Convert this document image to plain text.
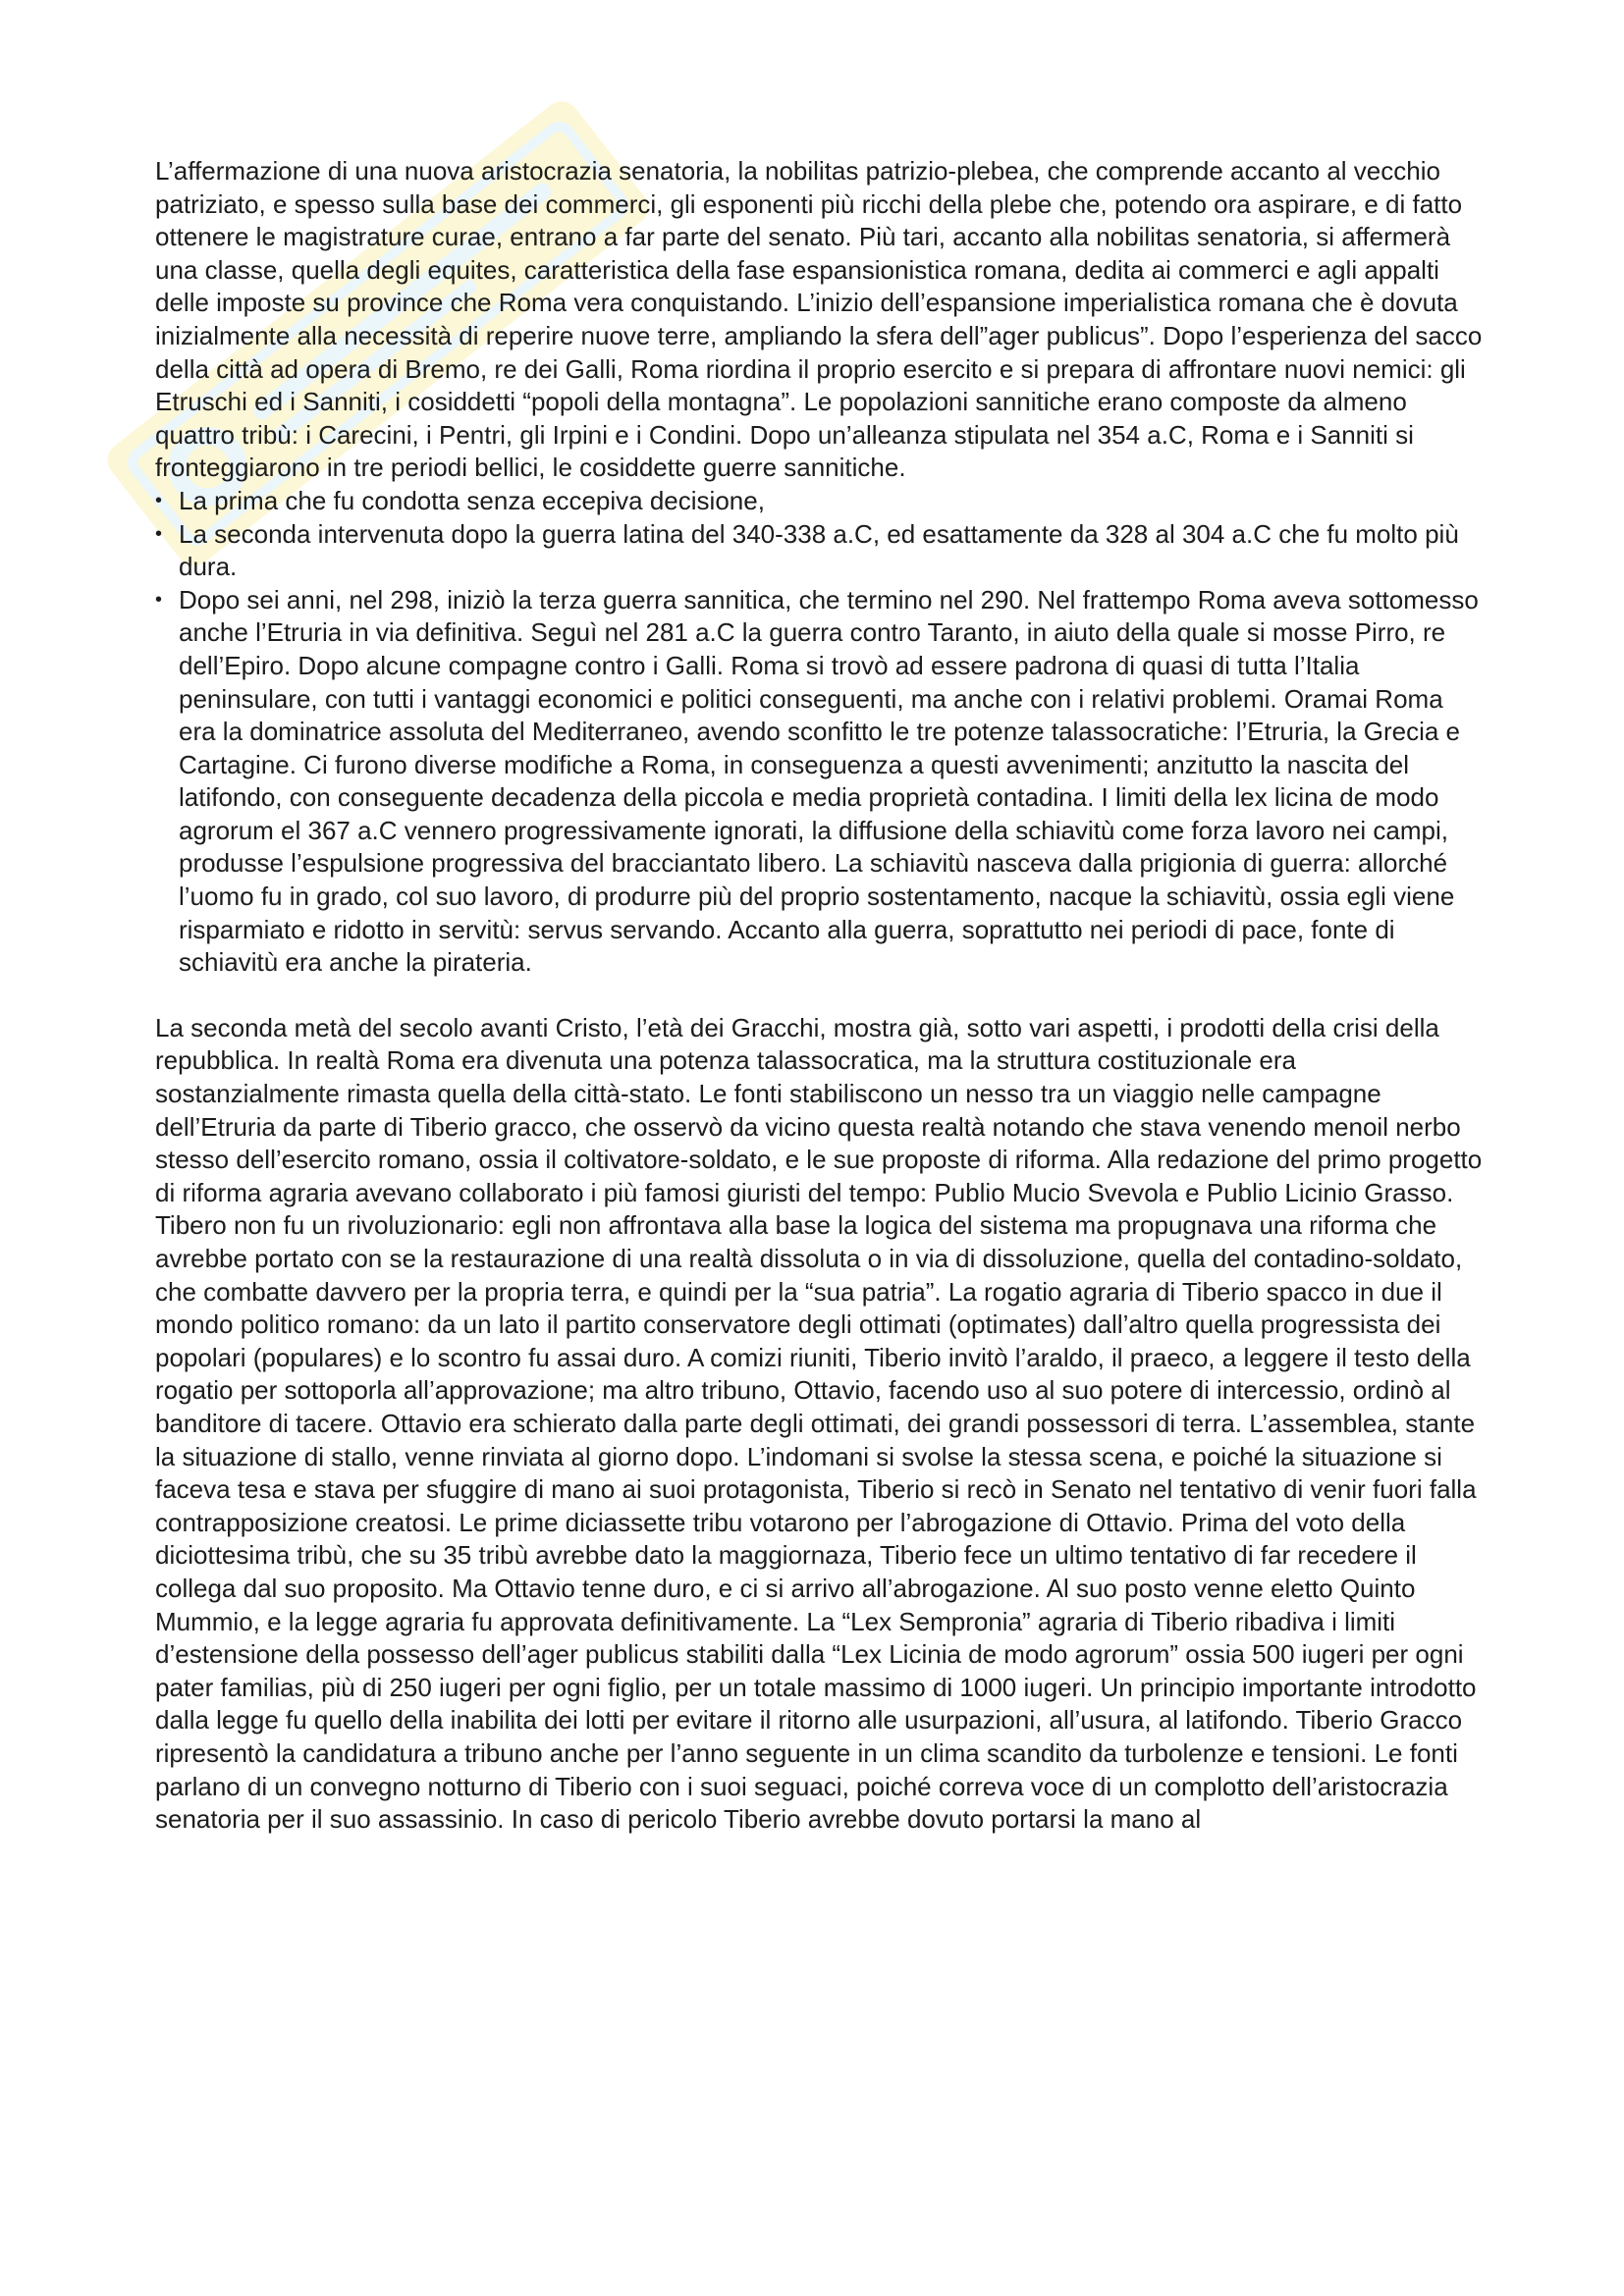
L’affermazione di una nuova aristocrazia senatoria, la nobilitas patrizio-plebea, che comprende accanto al vecchio patriziato, e spesso sulla base dei commerci, gli esponenti più ricchi della plebe che, potendo ora aspirare, e di fatto ottenere le magistrature curae, entrano a far parte del senato. Più tari, accanto alla nobilitas senatoria, si affermerà una classe, quella degli equites, caratteristica della fase espansionistica romana, dedita ai commerci e agli appalti delle imposte su province che Roma vera conquistando. L’inizio dell’espansione imperialistica romana che è dovuta inizialmente alla necessità di reperire nuove terre, ampliando la sfera dell”ager publicus”. Dopo l’esperienza del sacco della città ad opera di Bremo, re dei Galli, Roma riordina il proprio esercito e si prepara di affrontare nuovi nemici: gli Etruschi ed i Sanniti, i cosiddetti “popoli della montagna”. Le popolazioni sannitiche erano composte da almeno quattro tribù: i Carecini, i Pentri, gli Irpini e i Condini. Dopo un’alleanza stipulata nel 354 a.C, Roma e i Sanniti si fronteggiarono in tre periodi bellici, le cosiddette guerre sannitiche.

• La prima che fu condotta senza eccepiva decisione,
• La seconda intervenuta dopo la guerra latina del 340-338 a.C, ed esattamente da 328 al 304 a.C che fu molto più dura.
• Dopo sei anni, nel 298, iniziò la terza guerra sannitica, che termino nel 290. Nel frattempo Roma aveva sottomesso anche l’Etruria in via definitiva. Seguì nel 281 a.C la guerra contro Taranto, in aiuto della quale si mosse Pirro, re dell’Epiro. Dopo alcune compagne contro i Galli. Roma si trovò ad essere padrona di quasi di tutta l’Italia peninsulare, con tutti i vantaggi economici e politici conseguenti, ma anche con i relativi problemi. Oramai Roma era la dominatrice assoluta del Mediterraneo, avendo sconfitto le tre potenze talassocratiche: l’Etruria, la Grecia e Cartagine. Ci furono diverse modifiche a Roma, in conseguenza a questi avvenimenti; anzitutto la nascita del latifondo, con conseguente decadenza della piccola e media proprietà contadina. I limiti della lex licina de modo agrorum el 367 a.C vennero progressivamente ignorati, la diffusione della schiavitù come forza lavoro nei campi, produsse l’espulsione progressiva del bracciantato libero. La schiavitù nasceva dalla prigionia di guerra: allorché l’uomo fu in grado, col suo lavoro, di produrre più del proprio sostentamento, nacque la schiavitù, ossia egli viene risparmiato e ridotto in servitù: servus servando. Accanto alla guerra, soprattutto nei periodi di pace, fonte di schiavitù era anche la pirateria.

La seconda metà del secolo avanti Cristo, l’età dei Gracchi, mostra già, sotto vari aspetti, i prodotti della crisi della repubblica. In realtà Roma era divenuta una potenza talassocratica, ma la struttura costituzionale era sostanzialmente rimasta quella della città-stato. Le fonti stabiliscono un nesso tra un viaggio nelle campagne dell’Etruria da parte di Tiberio gracco, che osservò da vicino questa realtà notando che stava venendo menoil nerbo stesso dell’esercito romano, ossia il coltivatore-soldato, e le sue proposte di riforma. Alla redazione del primo progetto di riforma agraria avevano collaborato i più famosi giuristi del tempo: Publio Mucio Svevola e Publio Licinio Grasso. Tibero non fu un rivoluzionario: egli non affrontava alla base la logica del sistema ma propugnava una riforma che avrebbe portato con se la restaurazione di una realtà dissoluta o in via di dissoluzione, quella del contadino-soldato, che combatte davvero per la propria terra, e quindi per la “sua patria”. La rogatio agraria di Tiberio spacco in due il mondo politico romano: da un lato il partito conservatore degli ottimati (optimates) dall’altro quella progressista dei popolari (populares) e lo scontro fu assai duro. A comizi riuniti, Tiberio invitò l’araldo, il praeco, a leggere il testo della rogatio per sottoporla all’approvazione; ma altro tribuno, Ottavio, facendo uso al suo potere di intercessio, ordinò al banditore di tacere. Ottavio era schierato dalla parte degli ottimati, dei grandi possessori di terra. L’assemblea, stante la situazione di stallo, venne rinviata al giorno dopo. L’indomani si svolse la stessa scena, e poiché la situazione si faceva tesa e stava per sfuggire di mano ai suoi protagonista, Tiberio si recò in Senato nel tentativo di venir fuori falla contrapposizione creatosi. Le prime diciassette tribu votarono per l’abrogazione di Ottavio. Prima del voto della diciottesima tribù, che su 35 tribù avrebbe dato la maggiornaza, Tiberio fece un ultimo tentativo di far recedere il collega dal suo proposito. Ma Ottavio tenne duro, e ci si arrivo all’abrogazione. Al suo posto venne eletto Quinto Mummio, e la legge agraria fu approvata definitivamente. La “Lex Sempronia” agraria di Tiberio ribadiva i limiti d’estensione della possesso dell’ager publicus stabiliti dalla “Lex Licinia de modo agrorum” ossia 500 iugeri per ogni pater familias, più di 250 iugeri per ogni figlio, per un totale massimo di 1000 iugeri. Un principio importante introdotto dalla legge fu quello della inabilita dei lotti per evitare il ritorno alle usurpazioni, all’usura, al latifondo. Tiberio Gracco ripresentò la candidatura a tribuno anche per l’anno seguente in un clima scandito da turbolenze e tensioni. Le fonti parlano di un convegno notturno di Tiberio con i suoi seguaci, poiché correva voce di un complotto dell’aristocrazia senatoria per il suo assassinio. In caso di pericolo Tiberio avrebbe dovuto portarsi la mano al
